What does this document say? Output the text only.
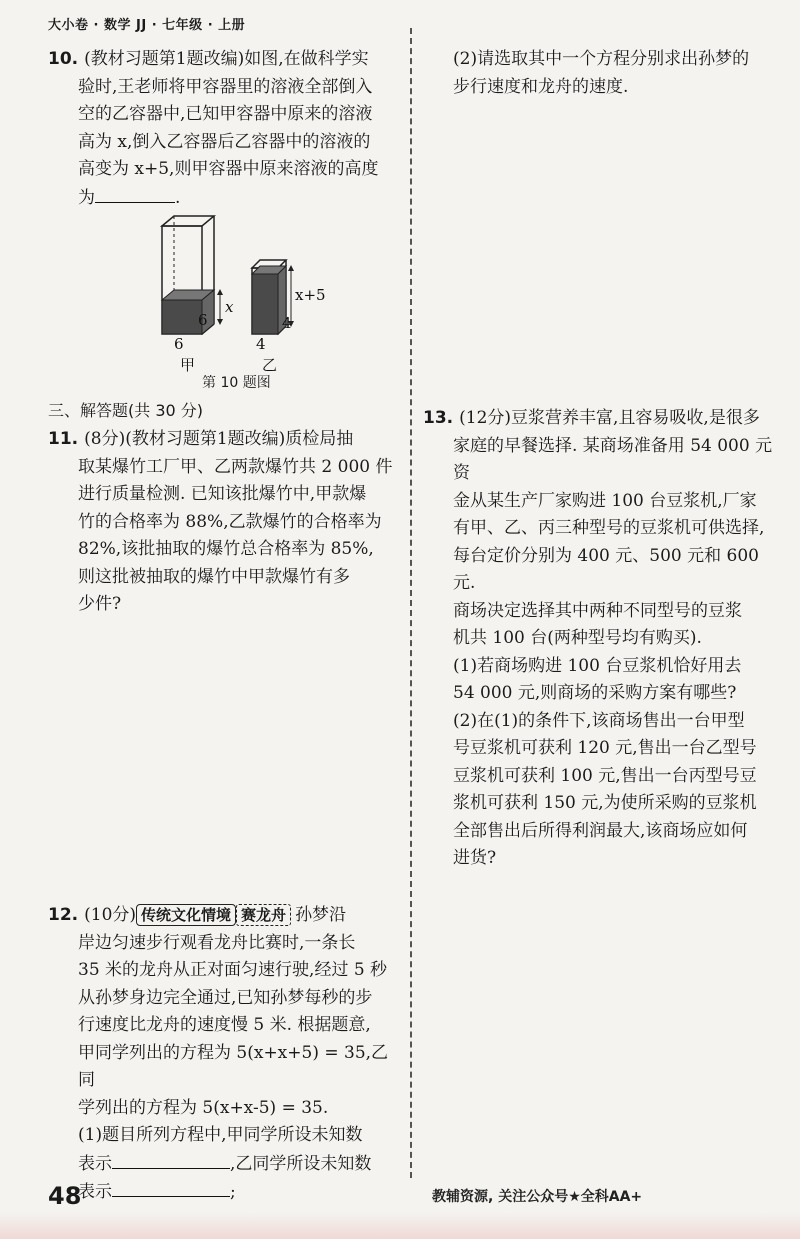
大小卷 · 数学 JJ · 七年级 · 上册

10. (教材习题第1题改编)如图,在做科学实

验时,王老师将甲容器里的溶液全部倒入

空的乙容器中,已知甲容器中原来的溶液

高为 x,倒入乙容器后乙容器中的溶液的

高变为 x+5,则甲容器中原来溶液的高度

为	.

x
6
6
甲
x+5
4
4
乙
第 10 题图

三、解答题(共 30 分)

11. (8分)(教材习题第1题改编)质检局抽

取某爆竹工厂甲、乙两款爆竹共 2 000 件

进行质量检测. 已知该批爆竹中,甲款爆

竹的合格率为 88%,乙款爆竹的合格率为

82%,该批抽取的爆竹总合格率为 85%,

则这批被抽取的爆竹中甲款爆竹有多

少件?

12. (10分) 传统文化情境 赛龙舟 孙梦沿

岸边匀速步行观看龙舟比赛时,一条长

35 米的龙舟从正对面匀速行驶,经过 5 秒

从孙梦身边完全通过,已知孙梦每秒的步

行速度比龙舟的速度慢 5 米. 根据题意,

甲同学列出的方程为 5(x+x+5) = 35,乙同

学列出的方程为 5(x+x-5) = 35.

(1)题目所列方程中,甲同学所设未知数

表示	,乙同学所设未知数

表示	;

(2)请选取其中一个方程分别求出孙梦的

步行速度和龙舟的速度.

13. (12分)豆浆营养丰富,且容易吸收,是很多

家庭的早餐选择. 某商场准备用 54 000 元资

金从某生产厂家购进 100 台豆浆机,厂家

有甲、乙、丙三种型号的豆浆机可供选择,

每台定价分别为 400 元、500 元和 600 元.

商场决定选择其中两种不同型号的豆浆

机共 100 台(两种型号均有购买).

(1)若商场购进 100 台豆浆机恰好用去

54 000 元,则商场的采购方案有哪些?

(2)在(1)的条件下,该商场售出一台甲型

号豆浆机可获利 120 元,售出一台乙型号

豆浆机可获利 100 元,售出一台丙型号豆

浆机可获利 150 元,为使所采购的豆浆机

全部售出后所得利润最大,该商场应如何

进货?

48	教辅资源, 关注公众号★全科AA+
